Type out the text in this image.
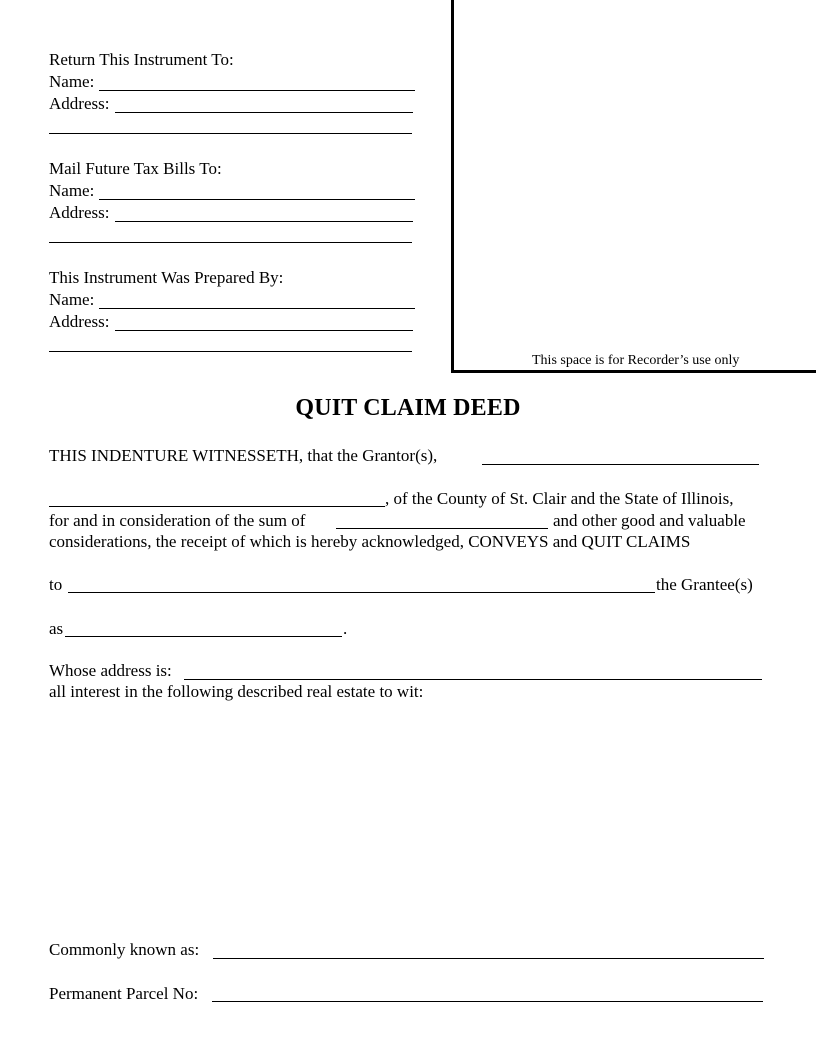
This space is for Recorder’s use only
Return This Instrument To:
Name:
Address:
Mail Future Tax Bills To:
Name:
Address:
This Instrument Was Prepared By:
Name:
Address:
QUIT CLAIM DEED
THIS INDENTURE WITNESSETH, that the Grantor(s),
, of the County of St. Clair and the State of Illinois,
for and in consideration of the sum of	and other good and valuable
considerations, the receipt of which is hereby acknowledged, CONVEYS and QUIT CLAIMS
to	the Grantee(s)
as	.
Whose address is:
all interest in the following described real estate to wit:
Commonly known as:
Permanent Parcel No:
